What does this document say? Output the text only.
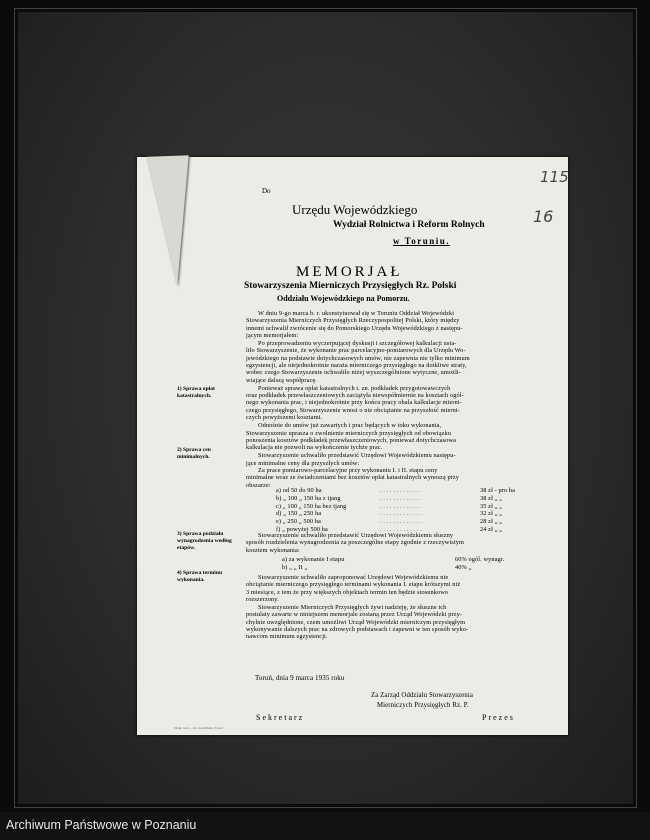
Do
Urzędu Wojewódzkiego
Wydział Rolnictwa i Reform Rolnych
w Toruniu.
115
16
MEMORJAŁ
Stowarzyszenia Mierniczych Przysięgłych Rz. Polski
Oddziału Wojewódzkiego na Pomorzu.
W dniu 9-go marca b. r. ukonstytuował się w Toruniu Oddział Wojewódzki
Stowarzyszenia Mierniczych Przysięgłych Rzeczypospolitej Polski, który między
innemi uchwalił zwrócenie się do Pomorskiego Urzędu Wojewódzkiego z następu-
jącym memorjałem:
Po przeprowadzeniu wyczerpującej dyskusji i szczegółowej kalkulacji usta-
liło Stowarzyszenie, że wykonanie prac parcelacyjno-pomiarowych dla Urzędu Wo-
jewódzkiego na podstawie dotychczasowych umów, nie zapewnia nie tylko minimum
egzystencji, ale niejednokrotnie naraża mierniczego przysięgłego na dotkliwe straty,
wobec czego Stowarzyszenie uchwaliło niżej wyszczególnione wytyczne, umożli-
wiające dalszą współpracę.
Ponieważ sprawa opłat katastralnych t. zn. podkładek przygotowawczych
oraz podkładek przewłaszczeniowych zaciążyła niewspółmiernie na kosztach ogól-
nego wykonania prac, i niejednokrotnie przy końcu pracy obala kalkulacje mierni-
czego przysięgłego, Stowarzyszenie wnosi o nie obciążanie na przyszłość mierni-
czych powyższemi kosztami.
Odnośnie do umów już zawartych i prac będących w toku wykonania,
Stowarzyszenie uprasza o zwolnienie mierniczych przysięgłych od obowiązku
ponoszenia kosztów podkładek przewłaszczeniowych, ponieważ dotychczasowa
kalkulacja nie pozwoli na wykończenie tychże prac.
Stowarzyszenie uchwaliło przedstawić Urzędowi Wojewódzkiemu następu-
jące minimalne ceny dla przyszłych umów:
Za prace pomiarowo-parcelacyjne przy wykonaniu I. i II. etapu ceny
minimalne wraz ze świadczeniami bez kosztów opłat katastralnych wynoszą przy
obszarze:
a) od 50 do 90 ha	. . . . . . . . . . . . .	38 zł - pro ha
b) „ 100 „ 150 ha z tjang	. . . . . . . . . . . . .	38 zł „ „
c) „ 100 „ 150 ha bez tjang	. . . . . . . . . . . . .	35 zł „ „
d) „ 150 „ 250 ha	. . . . . . . . . . . . .	32 zł „ „
e) „ 250 „ 500 ha	. . . . . . . . . . . . .	28 zł „ „
f) „ powyżej 500 ha	. . . . . . . . . . . . .	24 zł „ „
Stowarzyszenie uchwaliło przedstawić Urzędowi Wojewódzkiemu słuszny
sposób rozdzielenia wynagrodzenia za poszczególne etapy zgodnie z rzeczywistym
kosztem wykonania:
a) za wykonanie I etapu	60% ogól. wynagr.
b) „ „ II „	40% „
Stowarzyszenie uchwaliło zaproponować Urzędowi Wojewódzkiemu nie
obciążanie mierniczego przysięgłego terminami wykonania I. etapu krótszymi niż
3 miesiące, z tem że przy większych objektach termin ten będzie stosunkowo
rozszerzony.
Stowarzyszenie Mierniczych Przysięgłych żywi nadzieję, że słuszne ich
postulaty zawarte w niniejszem memorjale zostaną przez Urząd Wojewódzki przy-
chylnie uwzględnione, czem umożliwi Urząd Wojewódzki mierniczym przysięgłym
wykonywanie dalszych prac na zdrowych podstawach i zapewni w ten sposób wyko-
nawcom minimum egzystencji.
1) Sprawa opłat katastralnych.
2) Sprawa cen minimalnych.
3) Sprawa podziału wynagrodzenia według etapów.
4) Sprawa terminu wykonania.
Toruń, dnia 9 marca 1935 roku
Za Zarząd Oddziału Stowarzyszenia
Mierniczych Przysięgłych Rz. P.
Sekretarz	Prezes
Druk. Gros. „Sz. Grzeliński, Toruń
Archiwum Państwowe w Poznaniu
